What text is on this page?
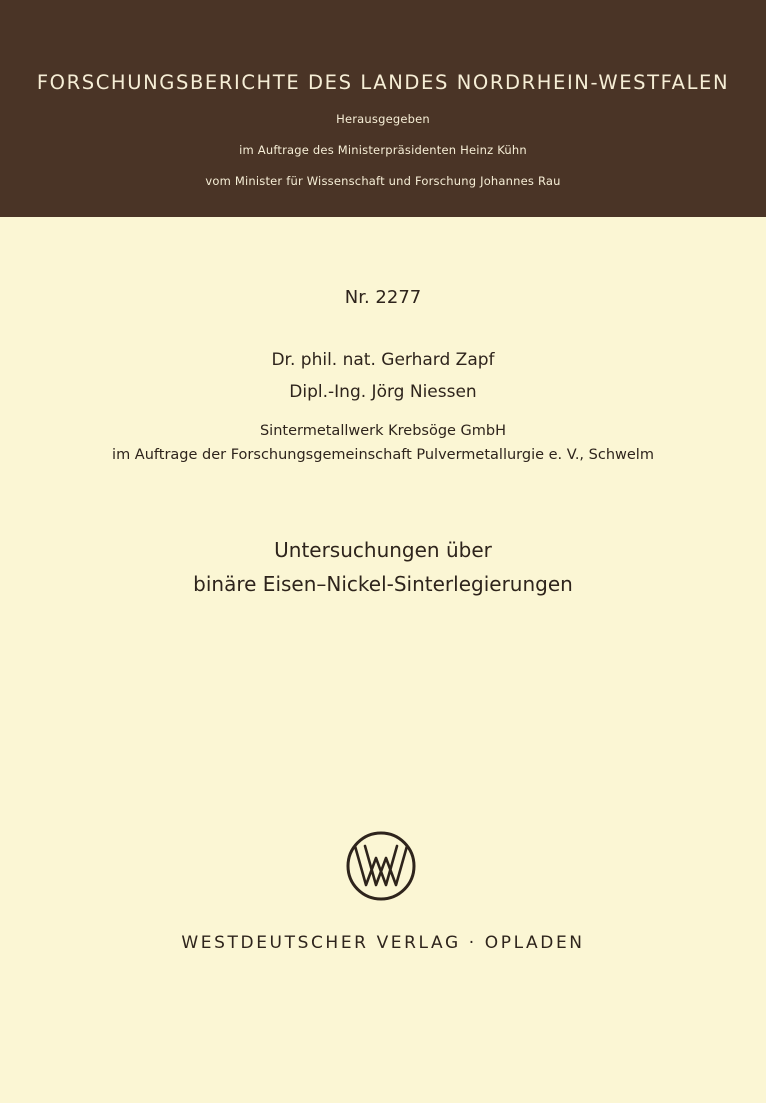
FORSCHUNGSBERICHTE DES LANDES NORDRHEIN-WESTFALEN
Herausgegeben
im Auftrage des Ministerpräsidenten Heinz Kühn
vom Minister für Wissenschaft und Forschung Johannes Rau
Nr. 2277
Dr. phil. nat. Gerhard Zapf
Dipl.-Ing. Jörg Niessen
Sintermetallwerk Krebsöge GmbH
im Auftrage der Forschungsgemeinschaft Pulvermetallurgie e. V., Schwelm
Untersuchungen über
binäre Eisen–Nickel-Sinterlegierungen
WESTDEUTSCHER VERLAG · OPLADEN
